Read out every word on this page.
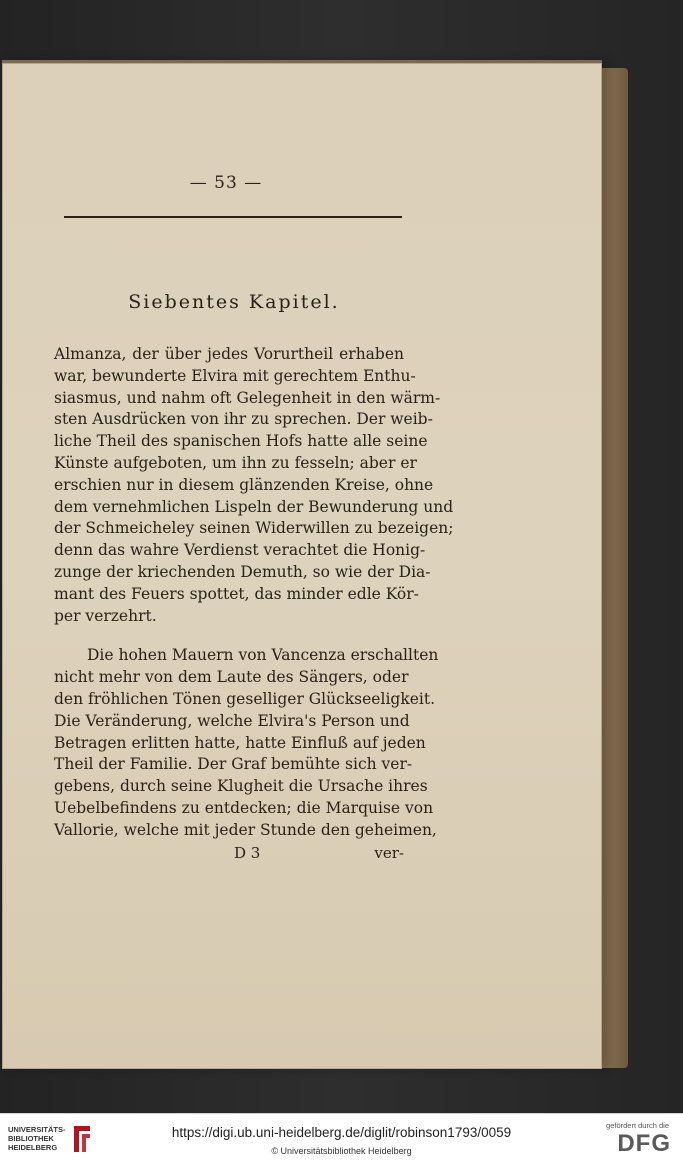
— 53 —
Siebentes Kapitel.
Almanza, der über jedes Vorurtheil erhaben
war, bewunderte Elvira mit gerechtem Enthu-
siasmus, und nahm oft Gelegenheit in den wärm-
sten Ausdrücken von ihr zu sprechen. Der weib-
liche Theil des spanischen Hofs hatte alle seine
Künste aufgeboten, um ihn zu fesseln; aber er
erschien nur in diesem glänzenden Kreise, ohne
dem vernehmlichen Lispeln der Bewunderung und
der Schmeicheley seinen Widerwillen zu bezeigen;
denn das wahre Verdienst verachtet die Honig-
zunge der kriechenden Demuth, so wie der Dia-
mant des Feuers spottet, das minder edle Kör-
per verzehrt.
Die hohen Mauern von Vancenza erschallten
nicht mehr von dem Laute des Sängers, oder
den fröhlichen Tönen geselliger Glückseeligkeit.
Die Veränderung, welche Elvira's Person und
Betragen erlitten hatte, hatte Einfluß auf jeden
Theil der Familie. Der Graf bemühte sich ver-
gebens, durch seine Klugheit die Ursache ihres
Uebelbefindens zu entdecken; die Marquise von
Vallorie, welche mit jeder Stunde den geheimen,
D 3	ver-
UNIVERSITÄTS-
BIBLIOTHEK
HEIDELBERG
https://digi.ub.uni-heidelberg.de/diglit/robinson1793/0059
© Universitätsbibliothek Heidelberg
gefördert durch die
DFG
